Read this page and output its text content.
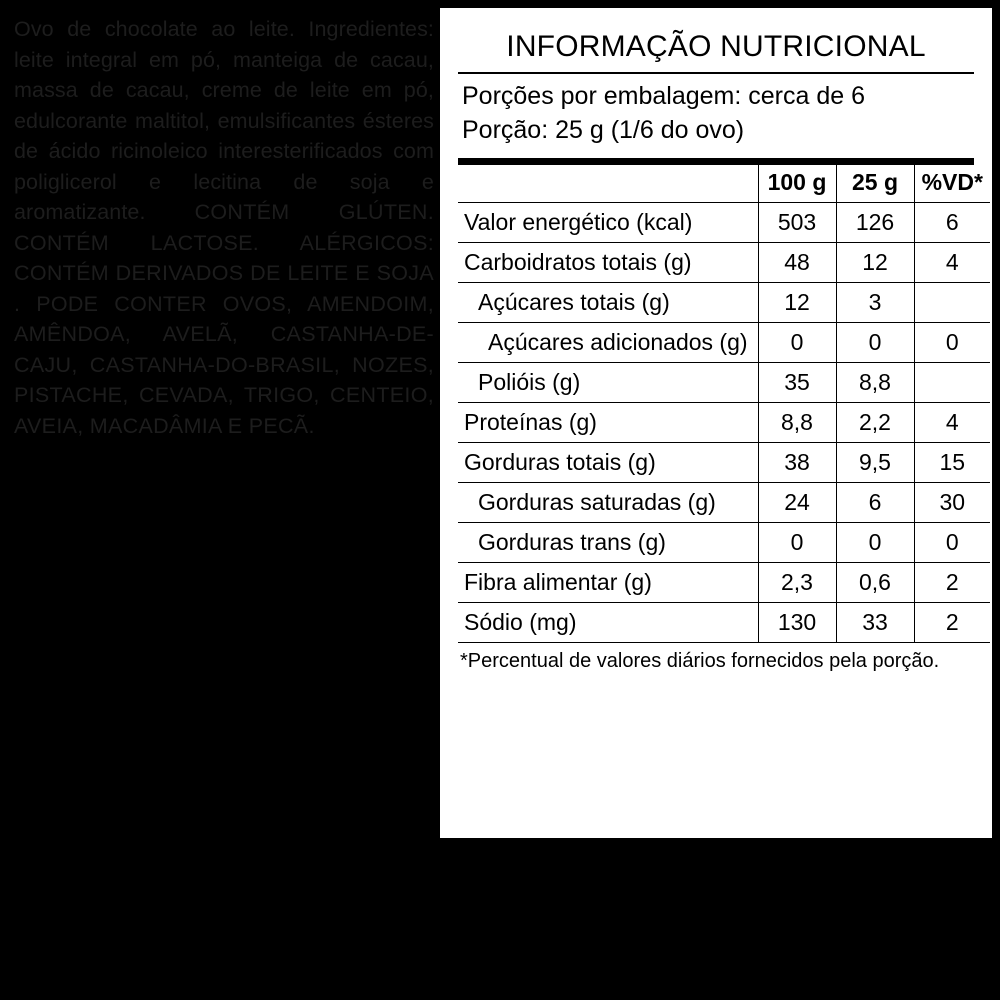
Ovo de chocolate ao leite. Ingredientes: leite integral em pó, manteiga de cacau, massa de cacau, creme de leite em pó, edulcorante maltitol, emulsificantes ésteres de ácido ricinoleico interesterificados com poliglicerol e lecitina de soja e aromatizante. CONTÉM GLÚTEN. CONTÉM LACTOSE. ALÉRGICOS: CONTÉM DERIVADOS DE LEITE E SOJA . PODE CONTER OVOS, AMENDOIM, AMÊNDOA, AVELÃ, CASTANHA-DE-CAJU, CASTANHA-DO-BRASIL, NOZES, PISTACHE, CEVADA, TRIGO, CENTEIO, AVEIA, MACADÂMIA E PECÃ.
INFORMAÇÃO NUTRICIONAL
Porções por embalagem: cerca de 6
Porção: 25 g (1/6 do ovo)
	100 g	25 g	%VD*
Valor energético (kcal)	503	126	6
Carboidratos totais (g)	48	12	4
Açúcares totais (g)	12	3	
Açúcares adicionados (g)	0	0	0
Polióis (g)	35	8,8	
Proteínas (g)	8,8	2,2	4
Gorduras totais (g)	38	9,5	15
Gorduras saturadas (g)	24	6	30
Gorduras trans (g)	0	0	0
Fibra alimentar (g)	2,3	0,6	2
Sódio (mg)	130	33	2
*Percentual de valores diários fornecidos pela porção.
